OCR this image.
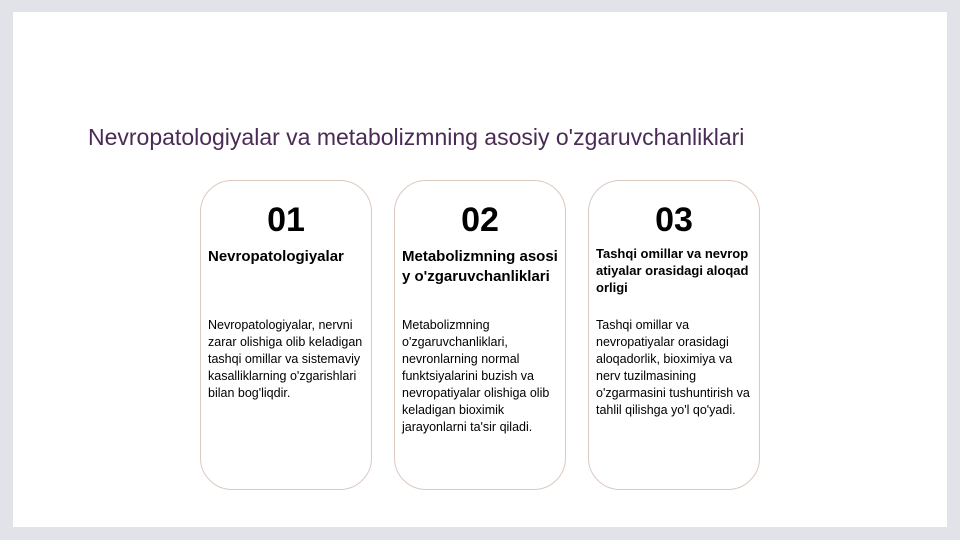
Nevropatologiyalar va metabolizmning asosiy o'zgaruvchanliklari
01

Nevropatologiyalar

Nevropatologiyalar, nervni zarar olishiga olib keladigan tashqi omillar va sistemaviy kasalliklarning o'zgarishlari bilan bog'liqdir.

02

Metabolizmning asosiy o'zgaruvchanliklari

Metabolizmning o'zgaruvchanliklari, nevronlarning normal funktsiyalarini buzish va nevropatiyalar olishiga olib keladigan bioximik jarayonlarni ta'sir qiladi.

03

Tashqi omillar va nevropatiyalar orasidagi aloqadorligi

Tashqi omillar va nevropatiyalar orasidagi aloqadorlik, bioximiya va nerv tuzilmasining o'zgarmasini tushuntirish va tahlil qilishga yo'l qo'yadi.
